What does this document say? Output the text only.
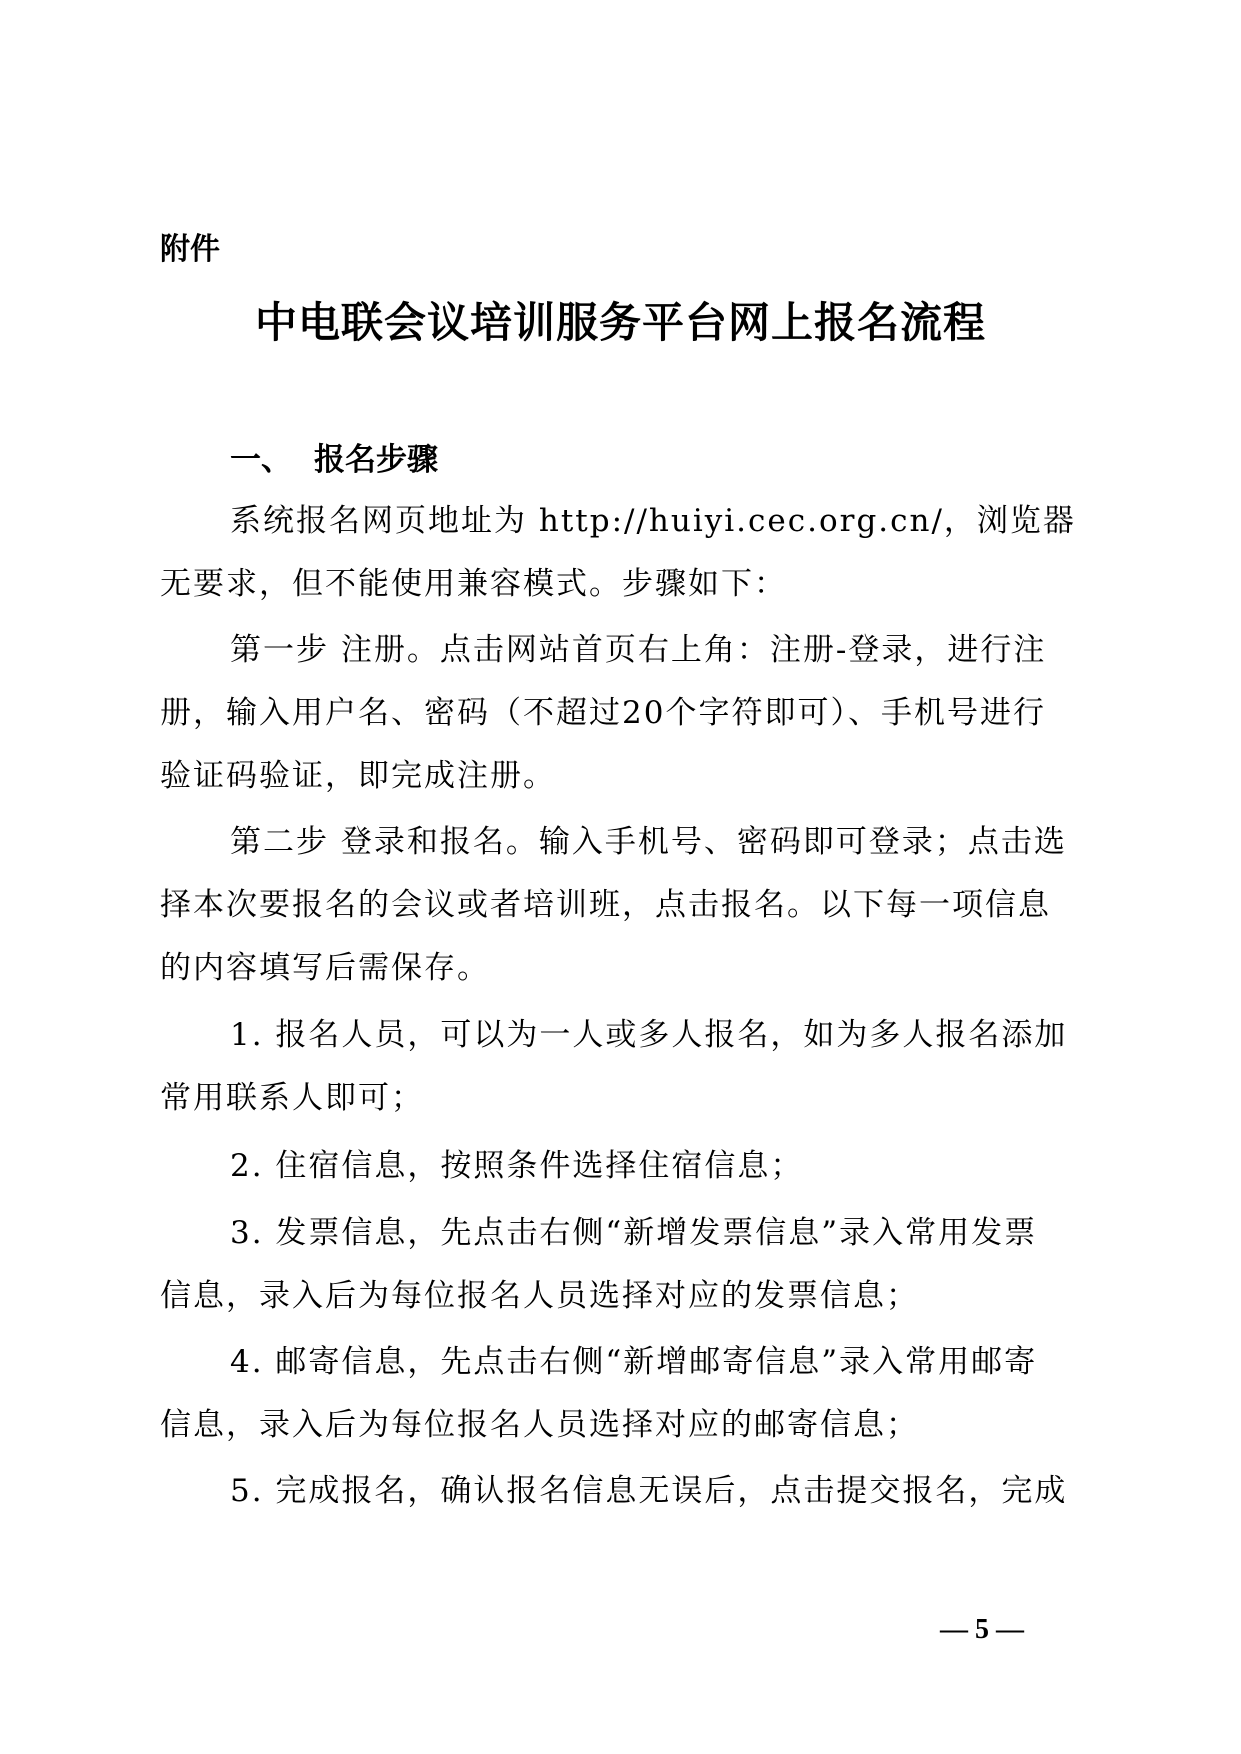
附件
中电联会议培训服务平台网上报名流程
一、 报名步骤
系统报名网页地址为 http://huiyi.cec.org.cn/，浏览器
无要求，但不能使用兼容模式。步骤如下：
第一步 注册。点击网站首页右上角：注册-登录，进行注
册，输入用户名、密码（不超过20个字符即可）、手机号进行
验证码验证，即完成注册。
第二步 登录和报名。输入手机号、密码即可登录；点击选
择本次要报名的会议或者培训班，点击报名。以下每一项信息
的内容填写后需保存。
1. 报名人员，可以为一人或多人报名，如为多人报名添加
常用联系人即可；
2. 住宿信息，按照条件选择住宿信息；
3. 发票信息，先点击右侧“新增发票信息”录入常用发票
信息，录入后为每位报名人员选择对应的发票信息；
4. 邮寄信息，先点击右侧“新增邮寄信息”录入常用邮寄
信息，录入后为每位报名人员选择对应的邮寄信息；
5. 完成报名，确认报名信息无误后，点击提交报名，完成
— 5 —
